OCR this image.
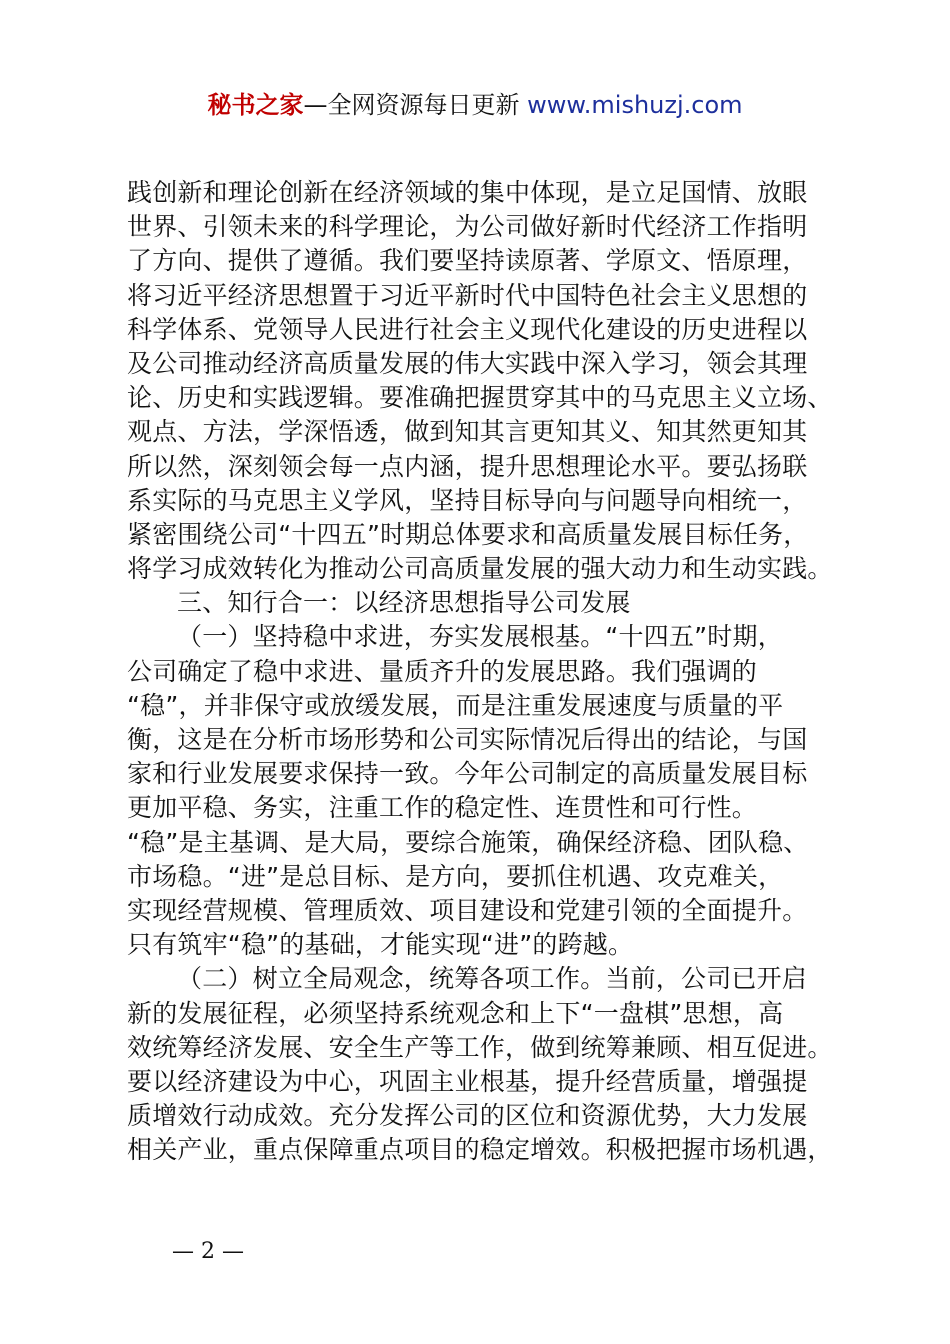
秘书之家—全网资源每日更新 www.mishuzj.com
践创新和理论创新在经济领域的集中体现，是立足国情、放眼
世界、引领未来的科学理论，为公司做好新时代经济工作指明
了方向、提供了遵循。我们要坚持读原著、学原文、悟原理，
将习近平经济思想置于习近平新时代中国特色社会主义思想的
科学体系、党领导人民进行社会主义现代化建设的历史进程以
及公司推动经济高质量发展的伟大实践中深入学习，领会其理
论、历史和实践逻辑。要准确把握贯穿其中的马克思主义立场、
观点、方法，学深悟透，做到知其言更知其义、知其然更知其
所以然，深刻领会每一点内涵，提升思想理论水平。要弘扬联
系实际的马克思主义学风，坚持目标导向与问题导向相统一，
紧密围绕公司“十四五”时期总体要求和高质量发展目标任务，
将学习成效转化为推动公司高质量发展的强大动力和生动实践。
三、知行合一：以经济思想指导公司发展
（一）坚持稳中求进，夯实发展根基。“十四五”时期，
公司确定了稳中求进、量质齐升的发展思路。我们强调的
“稳”，并非保守或放缓发展，而是注重发展速度与质量的平
衡，这是在分析市场形势和公司实际情况后得出的结论，与国
家和行业发展要求保持一致。今年公司制定的高质量发展目标
更加平稳、务实，注重工作的稳定性、连贯性和可行性。
“稳”是主基调、是大局，要综合施策，确保经济稳、团队稳、
市场稳。“进”是总目标、是方向，要抓住机遇、攻克难关，
实现经营规模、管理质效、项目建设和党建引领的全面提升。
只有筑牢“稳”的基础，才能实现“进”的跨越。
（二）树立全局观念，统筹各项工作。当前，公司已开启
新的发展征程，必须坚持系统观念和上下“一盘棋”思想，高
效统筹经济发展、安全生产等工作，做到统筹兼顾、相互促进。
要以经济建设为中心，巩固主业根基，提升经营质量，增强提
质增效行动成效。充分发挥公司的区位和资源优势，大力发展
相关产业，重点保障重点项目的稳定增效。积极把握市场机遇，
— 2 —
